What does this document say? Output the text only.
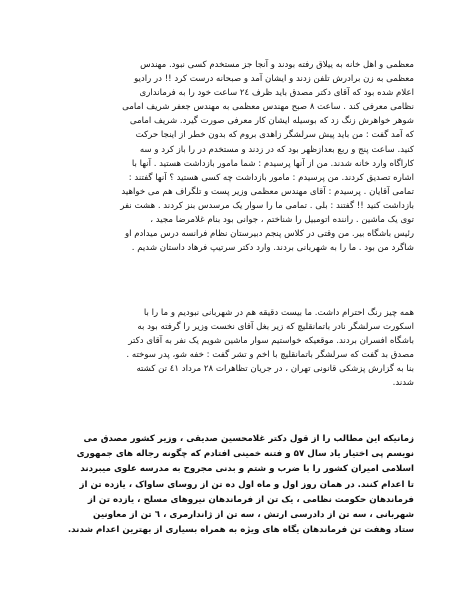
معظمی و اهل خانه به ییلاق رفته بودند و آنجا جز مستخدم کسی نبود. مهندس
معظمی به زن برادرش تلفن زدند و ایشان آمد و صبحانه درست کرد !! در رادیو
اعلام شده بود که آقای دکتر مصدق باید ظرف ۲٤ ساعت خود را به فرمانداری
نظامی معرفی کند . ساعت ۸ صبح مهندس معظمی به مهندس جعفر شریف امامی
شوهر خواهرش زنگ زد که بوسیله ایشان کار معرفی صورت گیرد. شریف امامی
که آمد گفت : من باید پیش سرلشگر زاهدی بروم که بدون خطر از اینجا حرکت
کنید. ساعت پنج و ربع بعدازظهر بود که در زدند و مستخدم در را باز کرد و سه
کاراگاه وارد خانه شدند. من از آنها پرسیدم : شما مامور بازداشت هستید . آنها با
اشاره تصدیق کردند. من پرسیدم : مامور بازداشت چه کسی هستید ؟ آنها گفتند :
تمامی آقایان . پرسیدم : آقای مهندس معظمی وزیر پست و تلگراف هم می خواهید
بازداشت کنید !! گفتند : بلی . تمامی ما را سوار یک مرسدس بنز کردند . هشت نفر
توی یک ماشین . راننده اتومبیل را شناختم ، جوانی بود بنام غلامرضا مجید ،
رئیس باشگاه بیر. من وقتی در کلاس پنجم دبیرستان نظام فرانسه درس میدادم او
شاگرد من بود . ما را به شهربانی بردند. وارد دکتر سرتیپ فرهاد داستان شدیم .
همه چیز رنگ احترام داشت. ما بیست دقیقه هم در شهربانی نبودیم و ما را با
اسکورت سرلشگر نادر باتمانقلیچ که زیر بغل آقای نخست وزیر را گرفته بود به
باشگاه افسران بردند. موقعیکه خواستیم سوار ماشین شویم یک نفر به آقای دکتر
مصدق بد گفت که سرلشگر باتمانقلیچ با اخم و تشر گفت : خفه شو، پدر سوخته .
بنا به گزارش پزشکی قانونی تهران ، در جریان تظاهرات ۲۸ مرداد ٤١ تن کشته
شدند.
زمانیکه این مطالب را از قول دکتر غلامحسین صدیقی ، وزیر کشور مصدق می
نویسم پی اختیار یاد سال ۵۷ و فتنه خمینی افتادم که چگونه رجاله های جمهوری
اسلامی امیران کشور را با ضرب و شتم و بدنی مجروح به مدرسه علوی میبردند
تا اعدام کنند. در همان روز اول و ماه اول ده تن از روسای ساواک ، یازده تن از
فرماندهان حکومت نظامی ، یک تن از فرماندهان نیروهای مسلح ، یازده تن از
شهربانی ، سه تن از دادرسی ارتش ، سه تن از ژاندارمری ، ٦ تن از معاونین
ستاد وهفت تن فرماندهان یگاه های ویژه به همراه بسیاری از بهترین اعدام شدند.
